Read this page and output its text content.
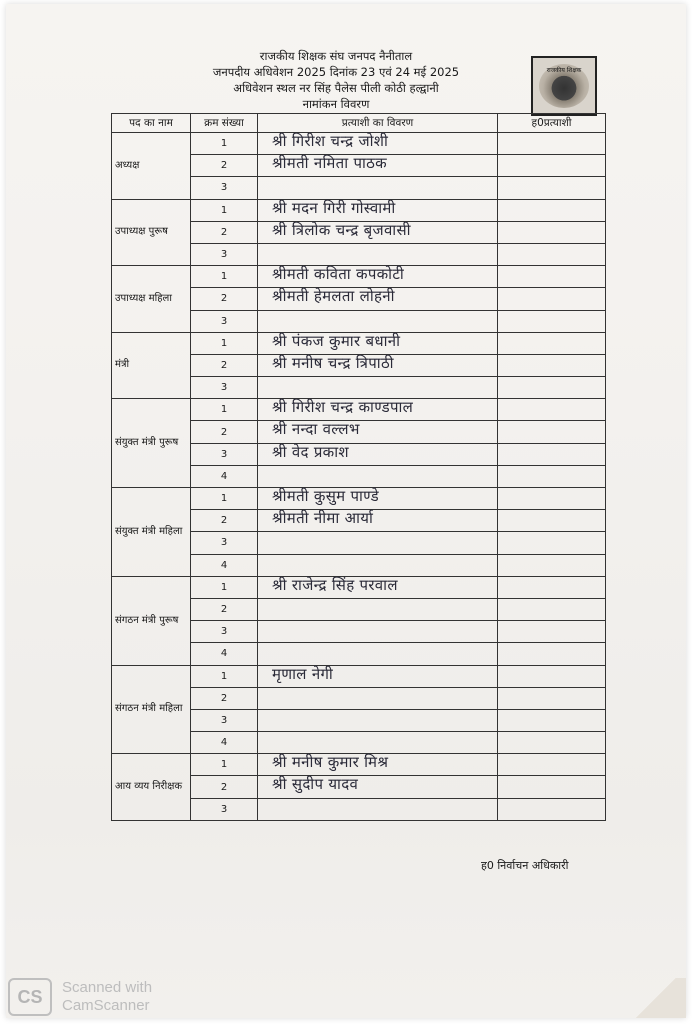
राजकीय शिक्षक संघ जनपद नैनीताल
जनपदीय अधिवेशन 2025 दिनांक 23 एवं 24 मई 2025
अधिवेशन स्थल नर सिंह पैलेस पीली कोठी हल्द्वानी
नामांकन विवरण
राजकीय शिक्षक
पद का नाम	क्रम संख्या	प्रत्याशी का विवरण	ह0प्रत्याशी
अध्यक्ष	1	श्री गिरीश चन्द्र जोशी	

	2	श्रीमती नमिता पाठक	

	3	

उपाध्यक्ष पुरूष	1	श्री मदन गिरी गोस्वामी	

	2	श्री त्रिलोक चन्द्र बृजवासी	

	3	

उपाध्यक्ष महिला	1	श्रीमती कविता कपकोटी	

	2	श्रीमती हेमलता लोहनी	

	3	

मंत्री	1	श्री पंकज कुमार बधानी	

	2	श्री मनीष चन्द्र त्रिपाठी	

	3	

संयुक्त मंत्री पुरूष	1	श्री गिरीश चन्द्र काण्डपाल	

	2	श्री नन्दा वल्लभ	

	3	श्री वेद प्रकाश	

	4	

संयुक्त मंत्री महिला	1	श्रीमती कुसुम पाण्डे	

	2	श्रीमती नीमा आर्या	

	3	

	4	

संगठन मंत्री पुरूष	1	श्री राजेन्द्र सिंह परवाल	

	2	

	3	

	4	

संगठन मंत्री महिला	1	मृणाल नेगी	

	2	

	3	

	4	

आय व्यय निरीक्षक	1	श्री मनीष कुमार मिश्र	

	2	श्री सुदीप यादव	

	3	

ह0 निर्वाचन अधिकारी
CS	Scanned with
CamScanner
